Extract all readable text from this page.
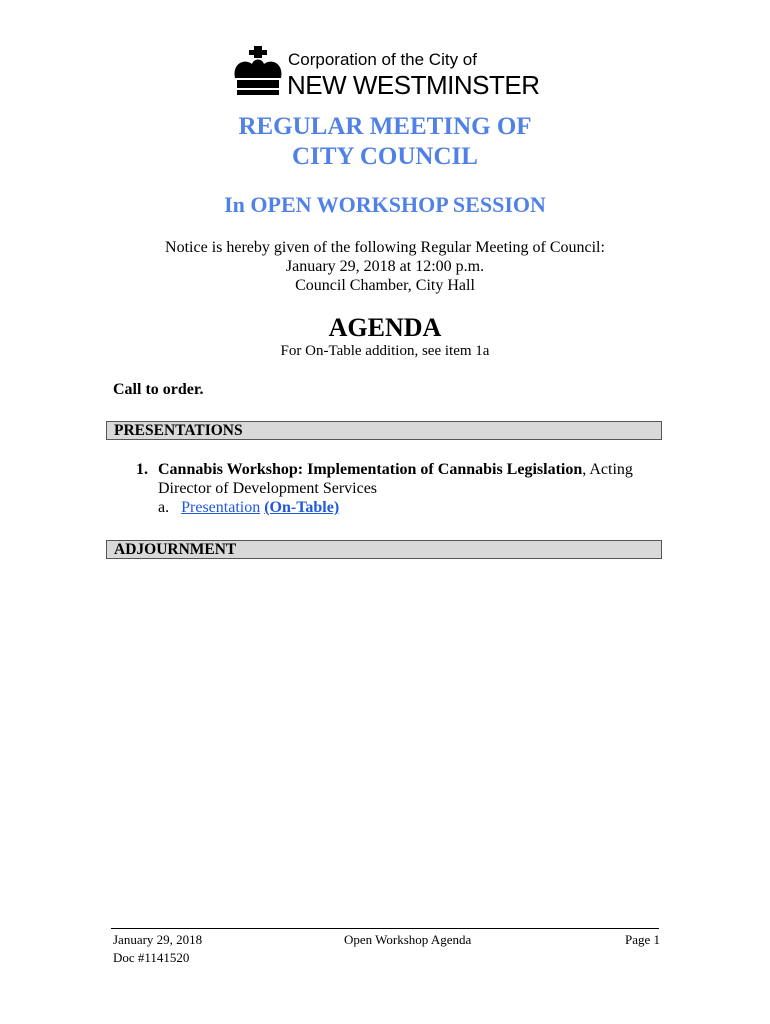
Corporation of the City of
NEW WESTMINSTER
REGULAR MEETING OF
CITY COUNCIL
In OPEN WORKSHOP SESSION
Notice is hereby given of the following Regular Meeting of Council:
January 29, 2018 at 12:00 p.m.
Council Chamber, City Hall
AGENDA
For On-Table addition, see item 1a
Call to order.
PRESENTATIONS
1. Cannabis Workshop: Implementation of Cannabis Legislation, Acting Director of Development Services
a. Presentation (On-Table)
ADJOURNMENT
January 29, 2018
Doc #1141520
Open Workshop Agenda	Page 1
